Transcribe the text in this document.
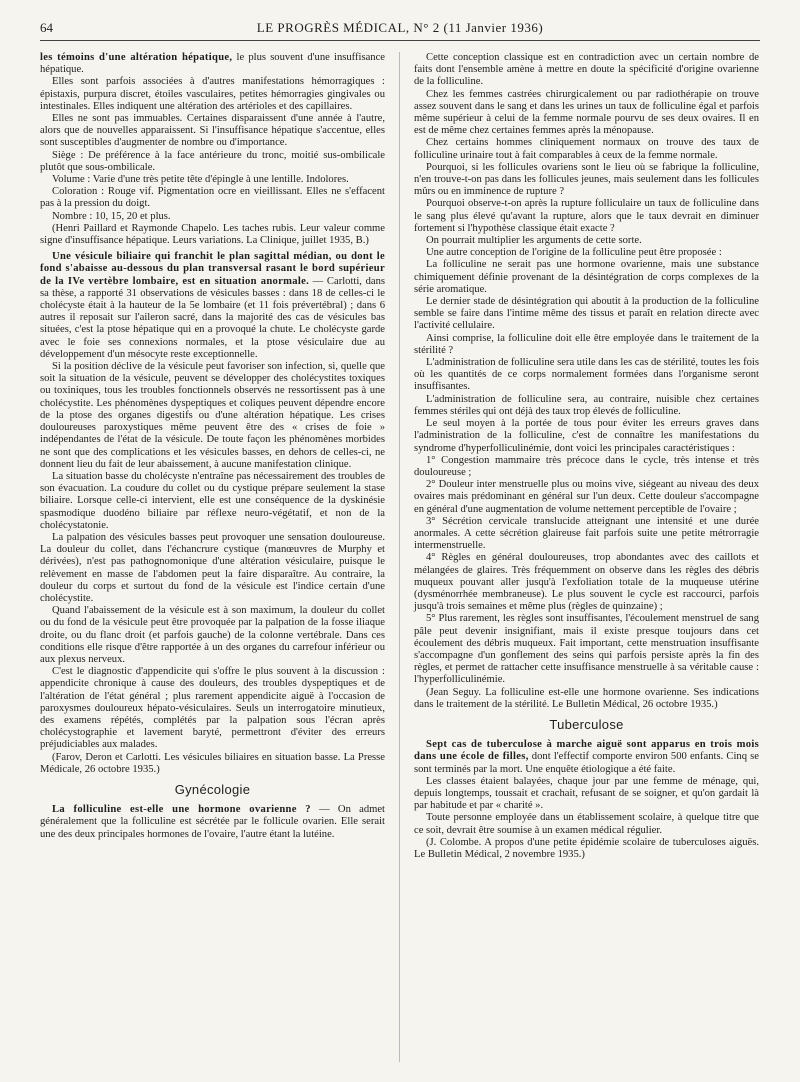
64	LE PROGRÈS MÉDICAL, N° 2 (11 Janvier 1936)

les témoins d'une altération hépatique, le plus souvent d'une insuffisance hépatique.

Elles sont parfois associées à d'autres manifestations hémorragiques : épistaxis, purpura discret, étoiles vasculaires, petites hémorragies gingivales ou intestinales. Elles indiquent une altération des artérioles et des capillaires.

Elles ne sont pas immuables. Certaines disparaissent d'une année à l'autre, alors que de nouvelles apparaissent. Si l'insuffisance hépatique s'accentue, elles sont susceptibles d'augmenter de nombre ou d'importance.

Siège : De préférence à la face antérieure du tronc, moitié sus-ombilicale plutôt que sous-ombilicale.

Volume : Varie d'une très petite tête d'épingle à une lentille. Indolores.

Coloration : Rouge vif. Pigmentation ocre en vieillissant. Elles ne s'effacent pas à la pression du doigt.

Nombre : 10, 15, 20 et plus.

(Henri Paillard et Raymonde Chapelo. Les taches rubis. Leur valeur comme signe d'insuffisance hépatique. Leurs variations. La Clinique, juillet 1935, B.)

Une vésicule biliaire qui franchit le plan sagittal médian, ou dont le fond s'abaisse au-dessous du plan transversal rasant le bord supérieur de la IVe vertèbre lombaire, est en situation anormale. — Carlotti, dans sa thèse, a rapporté 31 observations de vésicules basses : dans 18 de celles-ci le cholécyste était à la hauteur de la 5e lombaire (et 11 fois prévertébral) ; dans 6 autres il reposait sur l'aileron sacré, dans la majorité des cas de vésicules bas situées, c'est la ptose hépatique qui en a provoqué la chute. Le cholécyste garde avec le foie ses connexions normales, et la ptose vésiculaire due au développement d'un mésocyte reste exceptionnelle.

Si la position déclive de la vésicule peut favoriser son infection, si, quelle que soit la situation de la vésicule, peuvent se développer des cholécystites toxiques ou toxiniques, tous les troubles fonctionnels observés ne ressortissent pas à une cholécystite. Les phénomènes dyspeptiques et coliques peuvent dépendre encore de la ptose des organes digestifs ou d'une altération hépatique. Les crises douloureuses paroxystiques même peuvent être des « crises de foie » indépendantes de l'état de la vésicule. De toute façon les phénomènes morbides ne sont que des complications et les vésicules basses, en dehors de celles-ci, ne donnent lieu du fait de leur abaissement, à aucune manifestation clinique.

La situation basse du cholécyste n'entraîne pas nécessairement des troubles de son évacuation. La coudure du collet ou du cystique prépare seulement la stase biliaire. Lorsque celle-ci intervient, elle est une conséquence de la dyskinésie spasmodique duodéno biliaire par réflexe neuro-végétatif, et non de la cholécystatonie.

La palpation des vésicules basses peut provoquer une sensation douloureuse. La douleur du collet, dans l'échancrure cystique (manœuvres de Murphy et dérivées), n'est pas pathognomonique d'une altération vésiculaire, puisque le relèvement en masse de l'abdomen peut la faire disparaître. Au contraire, la douleur du corps et surtout du fond de la vésicule est l'indice certain d'une cholécystite.

Quand l'abaissement de la vésicule est à son maximum, la douleur du collet ou du fond de la vésicule peut être provoquée par la palpation de la fosse iliaque droite, ou du flanc droit (et parfois gauche) de la colonne vertébrale. Dans ces conditions elle risque d'être rapportée à un des organes du carrefour inférieur ou aux plexus nerveux.

C'est le diagnostic d'appendicite qui s'offre le plus souvent à la discussion : appendicite chronique à cause des douleurs, des troubles dyspeptiques et de l'altération de l'état général ; plus rarement appendicite aiguë à l'occasion de paroxysmes douloureux hépato-vésiculaires. Seuls un interrogatoire minutieux, des examens répétés, complétés par la palpation sous l'écran après cholécystographie et lavement baryté, permettront d'éviter des erreurs préjudiciables aux malades.

(Farov, Deron et Carlotti. Les vésicules biliaires en situation basse. La Presse Médicale, 26 octobre 1935.)

Gynécologie

La folliculine est-elle une hormone ovarienne ? — On admet généralement que la folliculine est sécrétée par le follicule ovarien. Elle serait une des deux principales hormones de l'ovaire, l'autre étant la lutéine.

Cette conception classique est en contradiction avec un certain nombre de faits dont l'ensemble amène à mettre en doute la spécificité d'origine ovarienne de la folliculine.

Chez les femmes castrées chirurgicalement ou par radiothérapie on trouve assez souvent dans le sang et dans les urines un taux de folliculine égal et parfois même supérieur à celui de la femme normale pourvu de ses deux ovaires. Il en est de même chez certaines femmes après la ménopause.

Chez certains hommes cliniquement normaux on trouve des taux de folliculine urinaire tout à fait comparables à ceux de la femme normale.

Pourquoi, si les follicules ovariens sont le lieu où se fabrique la folliculine, n'en trouve-t-on pas dans les follicules jeunes, mais seulement dans les follicules mûrs ou en imminence de rupture ?

Pourquoi observe-t-on après la rupture folliculaire un taux de folliculine dans le sang plus élevé qu'avant la rupture, alors que le taux devrait en diminuer fortement si l'hypothèse classique était exacte ?

On pourrait multiplier les arguments de cette sorte.

Une autre conception de l'origine de la folliculine peut être proposée :

La folliculine ne serait pas une hormone ovarienne, mais une substance chimiquement définie provenant de la désintégration de corps complexes de la série aromatique.

Le dernier stade de désintégration qui aboutit à la production de la folliculine semble se faire dans l'intime même des tissus et paraît en relation directe avec l'activité cellulaire.

Ainsi comprise, la folliculine doit elle être employée dans le traitement de la stérilité ?

L'administration de folliculine sera utile dans les cas de stérilité, toutes les fois où les quantités de ce corps normalement formées dans l'organisme seront insuffisantes.

L'administration de folliculine sera, au contraire, nuisible chez certaines femmes stériles qui ont déjà des taux trop élevés de folliculine.

Le seul moyen à la portée de tous pour éviter les erreurs graves dans l'administration de la folliculine, c'est de connaître les manifestations du syndrome d'hyperfolliculinémie, dont voici les principales caractéristiques :

1° Congestion mammaire très précoce dans le cycle, très intense et très douloureuse ;

2° Douleur inter menstruelle plus ou moins vive, siégeant au niveau des deux ovaires mais prédominant en général sur l'un deux. Cette douleur s'accompagne en général d'une augmentation de volume nettement perceptible de l'ovaire ;

3° Sécrétion cervicale translucide atteignant une intensité et une durée anormales. A cette sécrétion glaireuse fait parfois suite une petite métrorragie intermenstruelle.

4° Règles en général douloureuses, trop abondantes avec des caillots et mélangées de glaires. Très fréquemment on observe dans les règles des débris muqueux pouvant aller jusqu'à l'exfoliation totale de la muqueuse utérine (dysménorrhée membraneuse). Le plus souvent le cycle est raccourci, parfois jusqu'à trois semaines et même plus (règles de quinzaine) ;

5° Plus rarement, les règles sont insuffisantes, l'écoulement menstruel de sang pâle peut devenir insignifiant, mais il existe presque toujours dans cet écoulement des débris muqueux. Fait important, cette menstruation insuffisante s'accompagne d'un gonflement des seins qui parfois persiste après la fin des règles, et permet de rattacher cette insuffisance menstruelle à sa véritable cause : l'hyperfolliculinémie.

(Jean Seguy. La folliculine est-elle une hormone ovarienne. Ses indications dans le traitement de la stérilité. Le Bulletin Médical, 26 octobre 1935.)

Tuberculose

Sept cas de tuberculose à marche aiguë sont apparus en trois mois dans une école de filles, dont l'effectif comporte environ 500 enfants. Cinq se sont terminés par la mort. Une enquête étiologique a été faite.

Les classes étaient balayées, chaque jour par une femme de ménage, qui, depuis longtemps, toussait et crachait, refusant de se soigner, et qu'on gardait là par habitude et par « charité ».

Toute personne employée dans un établissement scolaire, à quelque titre que ce soit, devrait être soumise à un examen médical régulier.

(J. Colombe. A propos d'une petite épidémie scolaire de tuberculoses aiguës. Le Bulletin Médical, 2 novembre 1935.)
